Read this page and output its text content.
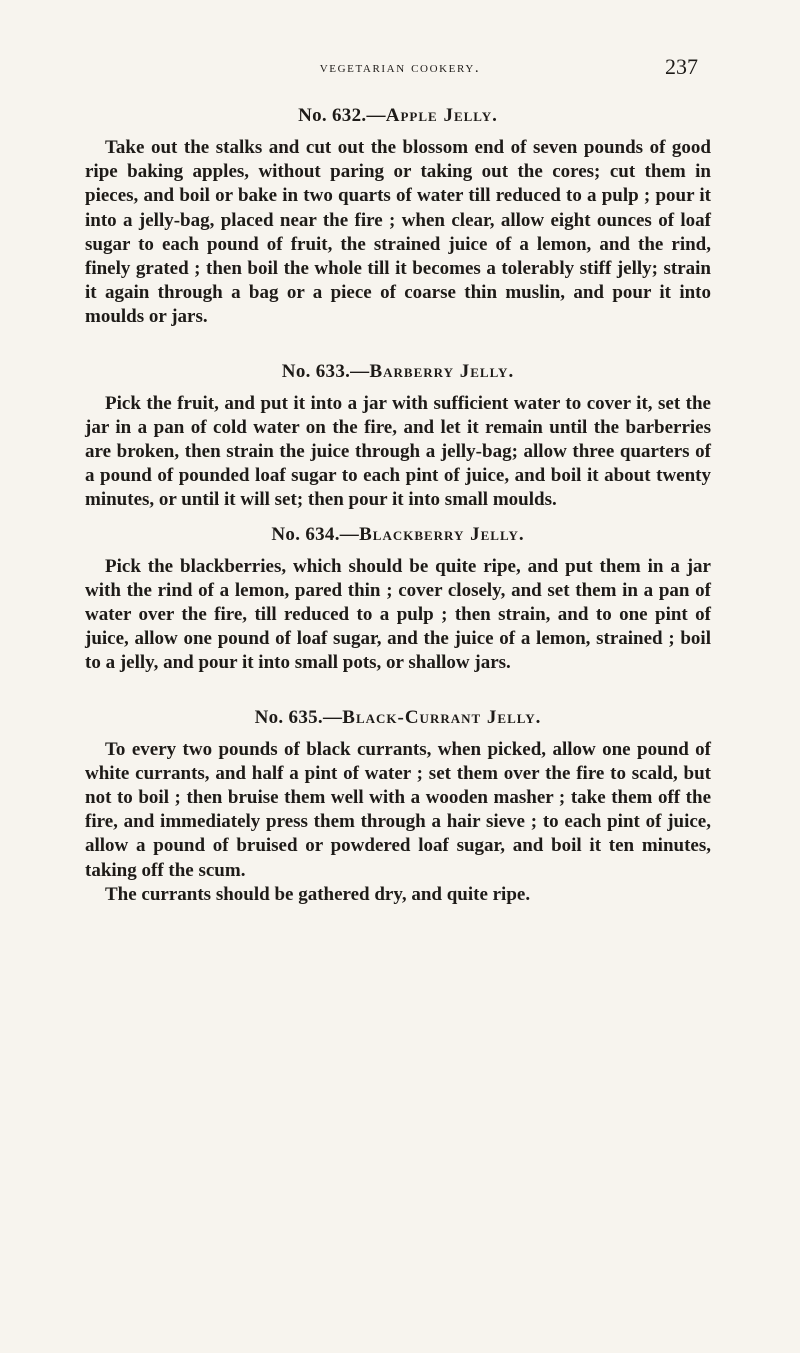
vegetarian cookery.	237
No. 632.—Apple Jelly.

Take out the stalks and cut out the blossom end of seven pounds of good ripe baking apples, without paring or taking out the cores; cut them in pieces, and boil or bake in two quarts of water till reduced to a pulp ; pour it into a jelly-bag, placed near the fire ; when clear, allow eight ounces of loaf sugar to each pound of fruit, the strained juice of a lemon, and the rind, finely grated ; then boil the whole till it becomes a tolerably stiff jelly; strain it again through a bag or a piece of coarse thin muslin, and pour it into moulds or jars.

No. 633.—Barberry Jelly.

Pick the fruit, and put it into a jar with sufficient water to cover it, set the jar in a pan of cold water on the fire, and let it remain until the barberries are broken, then strain the juice through a jelly-bag; allow three quarters of a pound of pounded loaf sugar to each pint of juice, and boil it about twenty minutes, or until it will set; then pour it into small moulds.

No. 634.—Blackberry Jelly.

Pick the blackberries, which should be quite ripe, and put them in a jar with the rind of a lemon, pared thin ; cover closely, and set them in a pan of water over the fire, till reduced to a pulp ; then strain, and to one pint of juice, allow one pound of loaf sugar, and the juice of a lemon, strained ; boil to a jelly, and pour it into small pots, or shallow jars.

No. 635.—Black-Currant Jelly.

To every two pounds of black currants, when picked, allow one pound of white currants, and half a pint of water ; set them over the fire to scald, but not to boil ; then bruise them well with a wooden masher ; take them off the fire, and immediately press them through a hair sieve ; to each pint of juice, allow a pound of bruised or powdered loaf sugar, and boil it ten minutes, taking off the scum.

The currants should be gathered dry, and quite ripe.
